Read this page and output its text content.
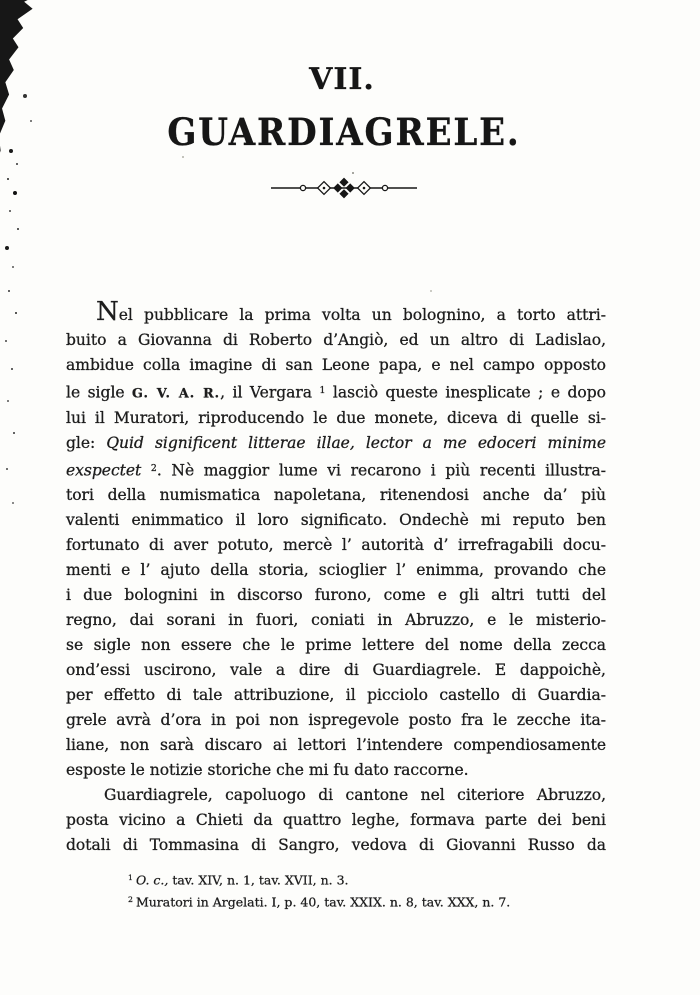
VII.
GUARDIAGRELE.
Nel pubblicare la prima volta un bolognino, a torto attri-
buito a Giovanna di Roberto d’Angiò, ed un altro di Ladislao,
ambidue colla imagine di san Leone papa, e nel campo opposto
le sigle G. V. A. R., il Vergara $^1$ lasciò queste inesplicate ; e dopo
lui il Muratori, riproducendo le due monete, diceva di quelle si-
gle: Quid significent litterae illae, lector a me edoceri minime
exspectet $^2$. Nè maggior lume vi recarono i più recenti illustra-
tori della numismatica napoletana, ritenendosi anche da’ più
valenti enimmatico il loro significato. Ondechè mi reputo ben
fortunato di aver potuto, mercè l’ autorità d’ irrefragabili docu-
menti e l’ ajuto della storia, scioglier l’ enimma, provando che
i due bolognini in discorso furono, come e gli altri tutti del
regno, dai sorani in fuori, coniati in Abruzzo, e le misterio-
se sigle non essere che le prime lettere del nome della zecca
ond’essi uscirono, vale a dire di Guardiagrele. E dappoichè,
per effetto di tale attribuzione, il picciolo castello di Guardia-
grele avrà d’ora in poi non ispregevole posto fra le zecche ita-
liane, non sarà discaro ai lettori l’intendere compendiosamente
esposte le notizie storiche che mi fu dato raccorne.
Guardiagrele, capoluogo di cantone nel citeriore Abruzzo,
posta vicino a Chieti da quattro leghe, formava parte dei beni
dotali di Tommasina di Sangro, vedova di Giovanni Russo da
$^1$ O. c., tav. XIV, n. 1, tav. XVII, n. 3.
$^2$ Muratori in Argelati. I, p. 40, tav. XXIX. n. 8, tav. XXX, n. 7.
